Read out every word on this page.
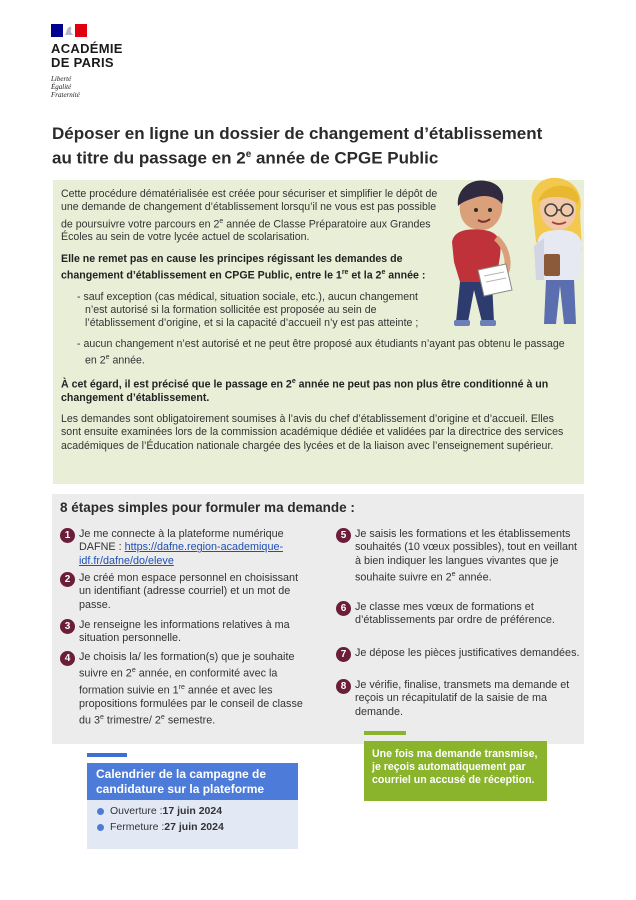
ACADÉMIE
DE PARIS
Liberté
Égalité
Fraternité
Déposer en ligne un dossier de changement d’établissement
au titre du passage en 2e année de CPGE Public

Cette procédure dématérialisée est créée pour sécuriser et simplifier le dépôt de une demande de changement d’établissement lorsqu’il ne vous est pas possible de poursuivre votre parcours en 2e année de Classe Préparatoire aux Grandes Écoles au sein de votre lycée actuel de scolarisation.

Elle ne remet pas en cause les principes régissant les demandes de changement d’établissement en CPGE Public, entre le 1re et la 2e année :

- sauf exception (cas médical, situation sociale, etc.), aucun changement n’est autorisé si la formation sollicitée est proposée au sein de l’établissement d’origine, et si la capacité d’accueil n’y est pas atteinte ;

- aucun changement n’est autorisé et ne peut être proposé aux étudiants n’ayant pas obtenu le passage en 2e année.

À cet égard, il est précisé que le passage en 2e année ne peut pas non plus être conditionné à un changement d’établissement.

Les demandes sont obligatoirement soumises à l’avis du chef d’établissement d’origine et d’accueil. Elles sont ensuite examinées lors de la commission académique dédiée et validées par la directrice des services académiques de l’Éducation nationale chargée des lycées et de la liaison avec l’enseignement supérieur.

8 étapes simples pour formuler ma demande :
1 Je me connecte à la plateforme numérique DAFNE : https://dafne.region-academique-idf.fr/dafne/do/eleve
2 Je créé mon espace personnel en choisissant un identifiant (adresse courriel) et un mot de passe.
3 Je renseigne les informations relatives à ma situation personnelle.
4 Je choisis la/ les formation(s) que je souhaite suivre en 2e année, en conformité avec la formation suivie en 1re année et avec les propositions formulées par le conseil de classe du 3e trimestre/ 2e semestre.
5 Je saisis les formations et les établissements souhaités (10 vœux possibles), tout en veillant à bien indiquer les langues vivantes que je souhaite suivre en 2e année.
6 Je classe mes vœux de formations et d’établissements par ordre de préférence.
7 Je dépose les pièces justificatives demandées.
8 Je vérifie, finalise, transmets ma demande et reçois un récapitulatif de la saisie de ma demande.
Calendrier de la campagne de candidature sur la plateforme
Ouverture : 17 juin 2024
Fermeture : 27 juin 2024
Une fois ma demande transmise, je reçois automatiquement par courriel un accusé de réception.
